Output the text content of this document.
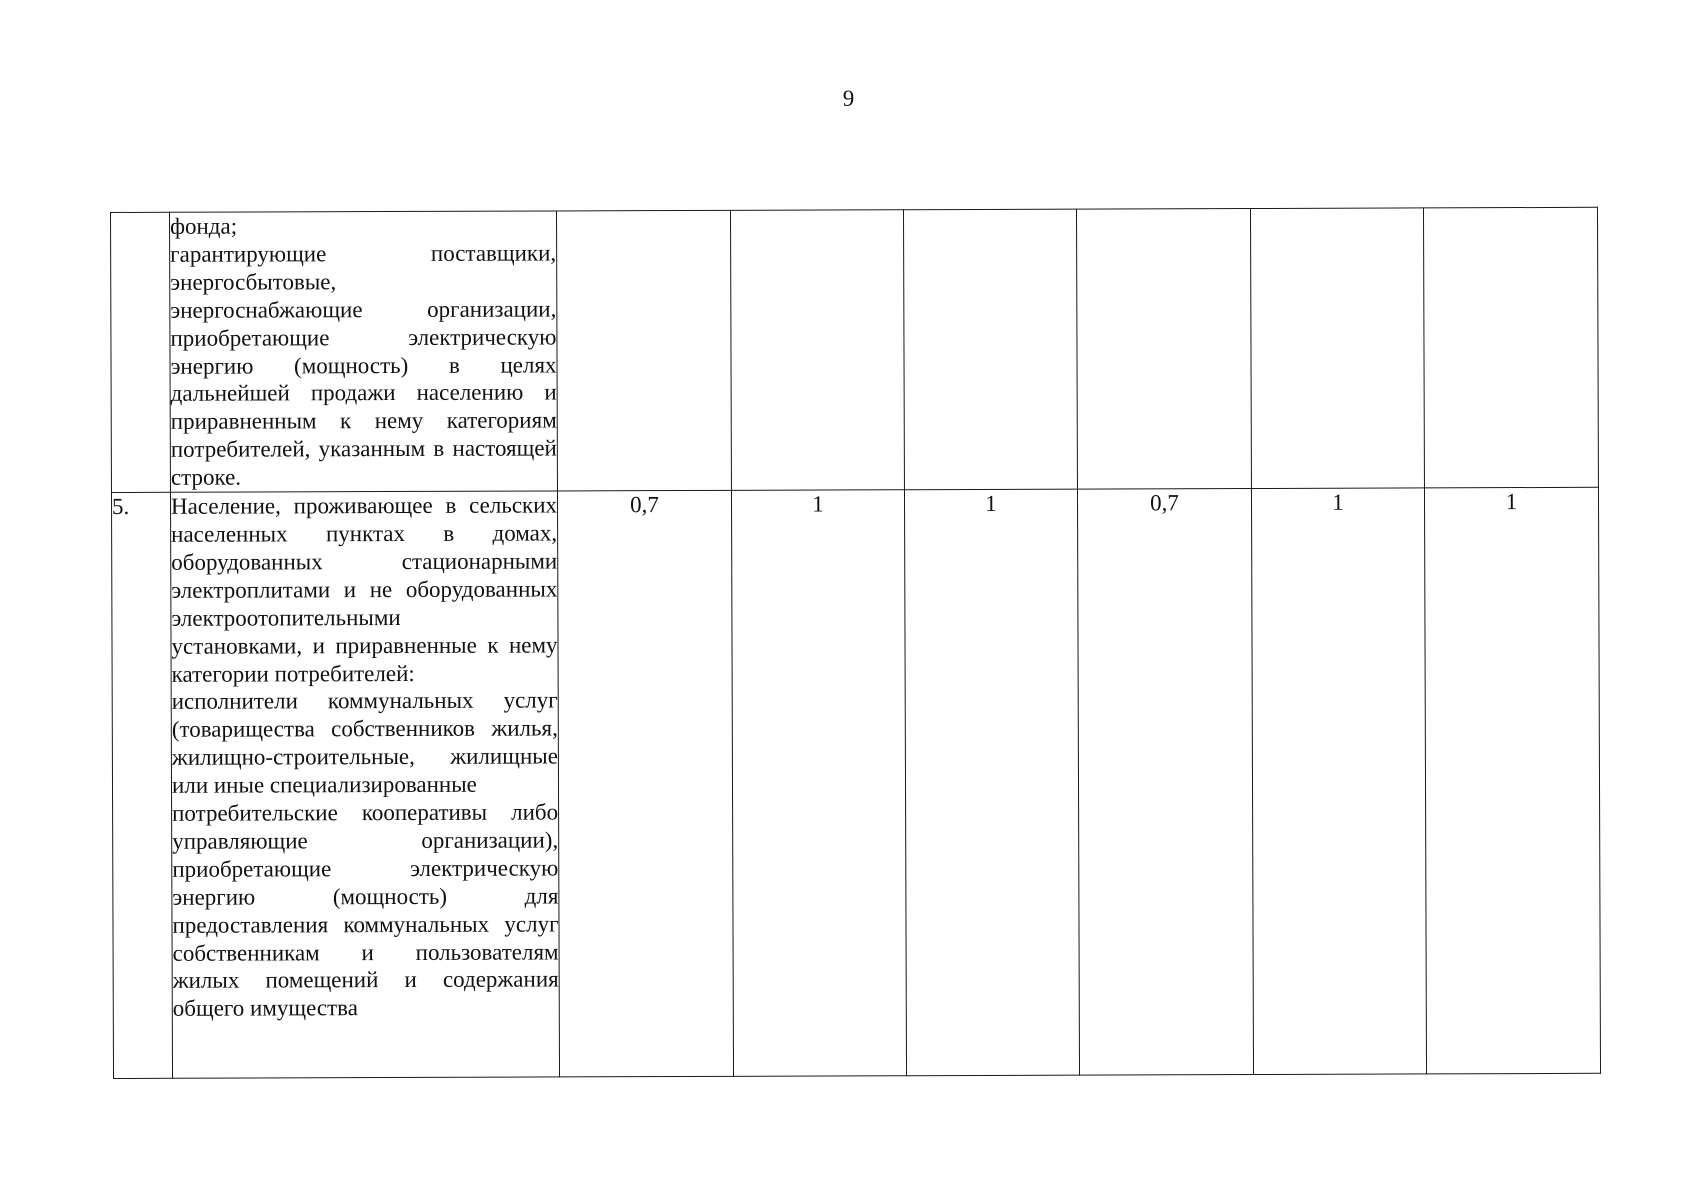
9

	фонда;
гарантирующие поставщики, энергосбытовые,
энергоснабжающие организации, приобретающие электрическую энергию (мощность) в целях дальнейшей продажи населению и приравненным к нему категориям потребителей, указанным в настоящей строке.						

5.	Население, проживающее в сельских населенных пунктах в домах, оборудованных стационарными электроплитами и не оборудованных электроотопительными
установками, и приравненные к нему категории потребителей:
исполнители коммунальных услуг (товарищества собственников жилья, жилищно-строительные, жилищные или иные специализированные
потребительские кооперативы либо управляющие организации), приобретающие электрическую энергию (мощность) для предоставления коммунальных услуг собственникам и пользователям жилых помещений и содержания общего имущества	0,7	1	1	0,7	1	1
